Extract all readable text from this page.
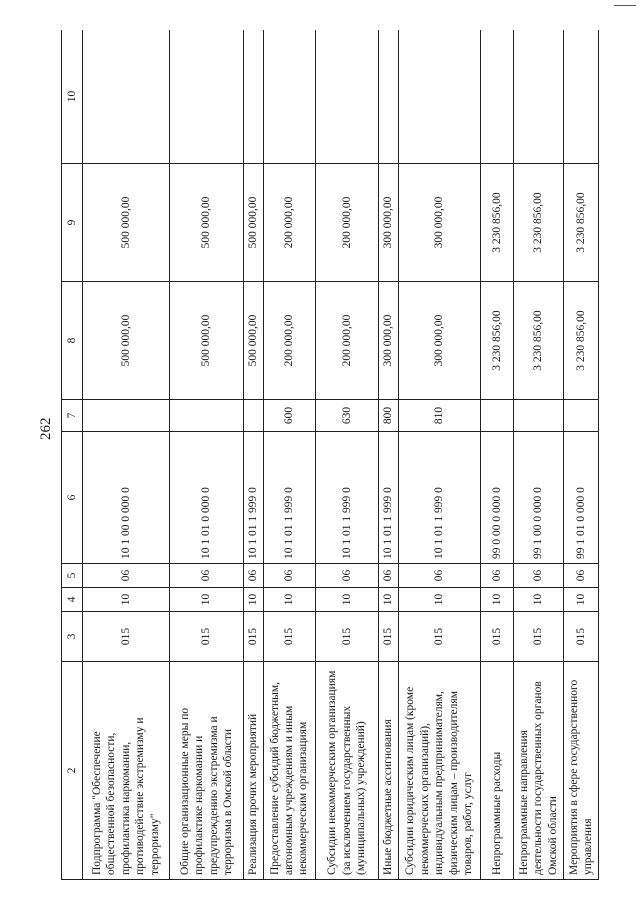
262
2	3	4	5	6	7	8	9	10
Подпрограмма "Обеспечение общественной безопасности, профилактика наркомании, противодействие экстремизму и терроризму"	015	10	06	10 1 00 0 000 0		500 000,00	500 000,00	
Общие организационные меры по профилактике наркомании и предупреждению экстремизма и терроризма в Омской области	015	10	06	10 1 01 0 000 0		500 000,00	500 000,00	
Реализация прочих мероприятий	015	10	06	10 1 01 1 999 0		500 000,00	500 000,00	
Предоставление субсидий бюджетным, автономным учреждениям и иным некоммерческим организациям	015	10	06	10 1 01 1 999 0	600	200 000,00	200 000,00	
Субсидии некоммерческим организациям (за исключением государственных (муниципальных) учреждений)	015	10	06	10 1 01 1 999 0	630	200 000,00	200 000,00	
Иные бюджетные ассигнования	015	10	06	10 1 01 1 999 0	800	300 000,00	300 000,00	
Субсидии юридическим лицам (кроме некоммерческих организаций), индивидуальным предпринимателям, физическим лицам – производителям товаров, работ, услуг	015	10	06	10 1 01 1 999 0	810	300 000,00	300 000,00	
Непрограммные расходы	015	10	06	99 0 00 0 000 0		3 230 856,00	3 230 856,00	
Непрограммные направления деятельности государственных органов Омской области	015	10	06	99 1 00 0 000 0		3 230 856,00	3 230 856,00	
Мероприятия в сфере государственного управления	015	10	06	99 1 01 0 000 0		3 230 856,00	3 230 856,00	
